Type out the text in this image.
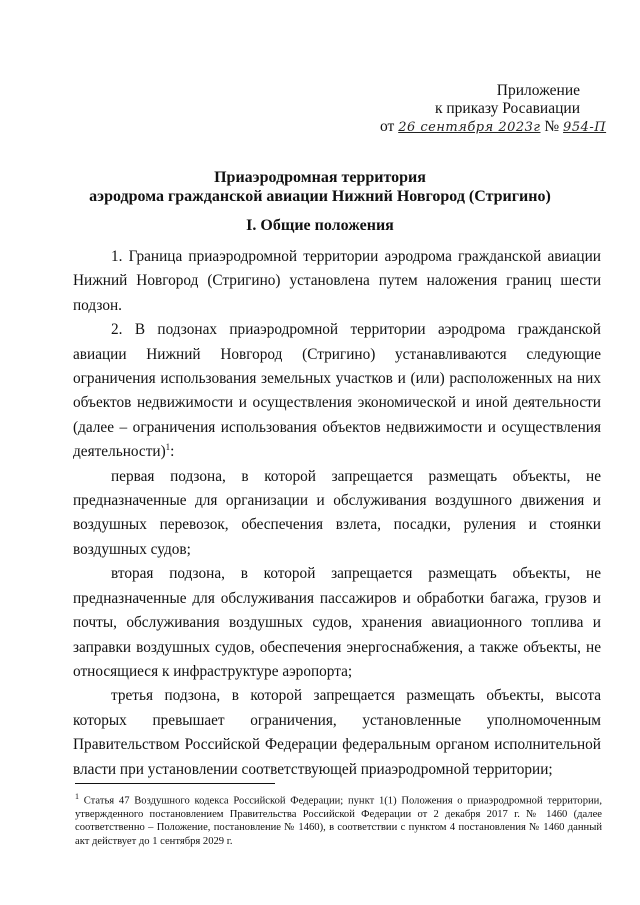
Приложение
к приказу Росавиации
от 26 сентября 2023г № 954-П
Приаэродромная территория
аэродрома гражданской авиации Нижний Новгород (Стригино)
I. Общие положения

1. Граница приаэродромной территории аэродрома гражданской авиации Нижний Новгород (Стригино) установлена путем наложения границ шести подзон.

2. В подзонах приаэродромной территории аэродрома гражданской авиации Нижний Новгород (Стригино) устанавливаются следующие ограничения использования земельных участков и (или) расположенных на них объектов недвижимости и осуществления экономической и иной деятельности (далее – ограничения использования объектов недвижимости и осуществления деятельности)$^1$:

первая подзона, в которой запрещается размещать объекты, не предназначенные для организации и обслуживания воздушного движения и воздушных перевозок, обеспечения взлета, посадки, руления и стоянки воздушных судов;

вторая подзона, в которой запрещается размещать объекты, не предназначенные для обслуживания пассажиров и обработки багажа, грузов и почты, обслуживания воздушных судов, хранения авиационного топлива и заправки воздушных судов, обеспечения энергоснабжения, а также объекты, не относящиеся к инфраструктуре аэропорта;

третья подзона, в которой запрещается размещать объекты, высота которых превышает ограничения, установленные уполномоченным Правительством Российской Федерации федеральным органом исполнительной власти при установлении соответствующей приаэродромной территории;

$^1$ Статья 47 Воздушного кодекса Российской Федерации; пункт 1(1) Положения о приаэродромной территории, утвержденного постановлением Правительства Российской Федерации от 2 декабря 2017 г. № 1460 (далее соответственно – Положение, постановление № 1460), в соответствии с пунктом 4 постановления № 1460 данный акт действует до 1 сентября 2029 г.
